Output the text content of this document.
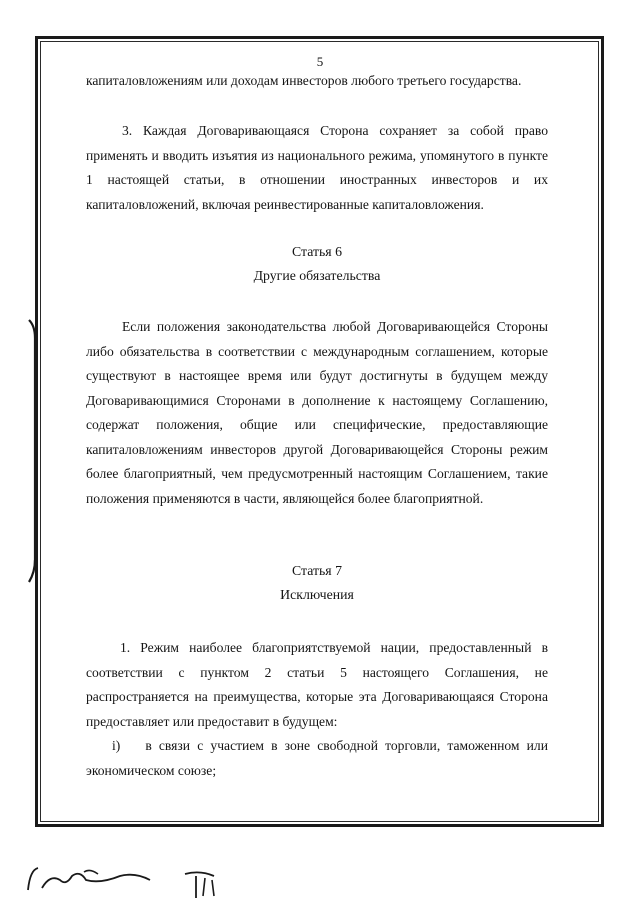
5

капиталовложениям или доходам инвесторов любого третьего государства.

3. Каждая Договаривающаяся Сторона сохраняет за собой право применять и вводить изъятия из национального режима, упомянутого в пункте 1 настоящей статьи, в отношении иностранных инвесторов и их капиталовложений, включая реинвестированные капиталовложения.

Статья 6

Другие обязательства

Если положения законодательства любой Договаривающейся Стороны либо обязательства в соответствии с международным соглашением, которые существуют в настоящее время или будут достигнуты в будущем между Договаривающимися Сторонами в дополнение к настоящему Соглашению, содержат положения, общие или специфические, предоставляющие капиталовложениям инвесторов другой Договаривающейся Стороны режим более благоприятный, чем предусмотренный настоящим Соглашением, такие положения применяются в части, являющейся более благоприятной.

Статья 7

Исключения

1. Режим наиболее благоприятствуемой нации, предоставленный в соответствии с пунктом 2 статьи 5 настоящего Соглашения, не распространяется на преимущества, которые эта Договаривающаяся Сторона предоставляет или предоставит в будущем:

i) в связи с участием в зоне свободной торговли, таможенном или экономическом союзе;
